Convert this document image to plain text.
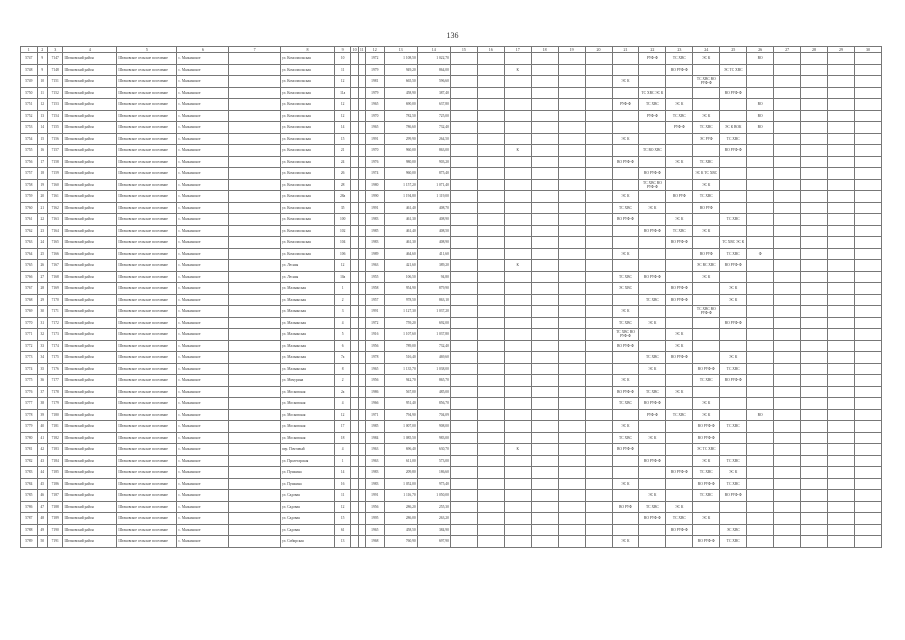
136
1	2	3	4	5	6	7	8	9	10	11	12	13	14	15	16	17	18	19	20	21	22	23	24	25	26	27	28	29	30
5747	9	7147	Шелковский район	Шелковское сельское поселение	с. Мальинское		ул. Комсомольская	10			1972	1 108,50	1 022,70								РУФ-Ф	ТС ХВС	ЭС К		ВО				
5748	9	7148	Шелковский район	Шелковское сельское поселение	с. Мальинское		ул. Комсомольская	11			1979	949,20	864,00			К						ВО РУФ-Ф		ЭС ТС ХВС					
5749	10	7151	Шелковский район	Шелковское сельское поселение	с. Мальинское		ул. Комсомольская	12			1981	665,50	596,60							ЭС К			ТС ХВС ВО РУФ-Ф						
5750	11	7152	Шелковский район	Шелковское сельское поселение	с. Мальинское		ул. Комсомольская	11а			1979	458,90	387,40								ТС ХВС ЭС К			ВО РУФ-Ф					
5751	12	7153	Шелковский район	Шелковское сельское поселение	с. Мальинское		ул. Комсомольская	12			1965	690,00	637,80							РУФ-Ф	ТС ХВС	ЭС К			ВО				
5752	13	7154	Шелковский район	Шелковское сельское поселение	с. Мальинское		ул. Комсомольская	12			1970	782,50	725,00								РУФ-Ф	ТС ХВС	ЭС К		ВО				
5753	14	7155	Шелковский район	Шелковское сельское поселение	с. Мальинское		ул. Комсомольская	14			1965	786,60	732,40									РУФ-Ф	ТС ХВС	ЭС К ВОК	ВО				
5754	15	7156	Шелковский район	Шелковское сельское поселение	с. Мальинское		ул. Комсомольская	15			1991	299,90	264,50							ЭС К			ЭС РУФ	ТС ХВС					
5755	16	7157	Шелковский район	Шелковское сельское поселение	с. Мальинское		ул. Комсомольская	21			1970	960,00	863,00			К					ТС ВО ХВС			ВО РУФ-Ф					
5756	17	7158	Шелковский район	Шелковское сельское поселение	с. Мальинское		ул. Комсомольская	24			1976	980,00	903,20							ВО РУФ-Ф		ЭС К	ТС ХВС						
5757	18	7159	Шелковский район	Шелковское сельское поселение	с. Мальинское		ул. Комсомольская	26			1974	960,00	875,40								ВО РУФ-Ф		ЭС К ТС ХВС						
5758	19	7160	Шелковский район	Шелковское сельское поселение	с. Мальинское		ул. Комсомольская	28			1980	1 157,20	1 071,40								ТС ХВС ВО РУФ-Ф		ЭС К						
5759	20	7161	Шелковский район	Шелковское сельское поселение	с. Мальинское		ул. Комсомольская	28а			1990	1 194,80	1 119,00							ЭС К		ВО РУФ	ТС ХВС						
5760	21	7162	Шелковский район	Шелковское сельское поселение	с. Мальинское		ул. Комсомольская	35			1991	461,40	408,70							ТС ХВС	ЭС К		ВО РУФ						
5761	22	7163	Шелковский район	Шелковское сельское поселение	с. Мальинское		ул. Комсомольская	100			1983	461,30	408,90							ВО РУФ-Ф		ЭС К		ТС ХВС					
5762	23	7164	Шелковский район	Шелковское сельское поселение	с. Мальинское		ул. Комсомольская	102			1985	461,40	408,50								ВО РУФ-Ф	ТС ХВС	ЭС К						
5763	24	7165	Шелковский район	Шелковское сельское поселение	с. Мальинское		ул. Комсомольская	104			1983	461,30	408,90									ВО РУФ-Ф		ТС ХВС ЭС К					
5764	25	7166	Шелковский район	Шелковское сельское поселение	с. Мальинское		ул. Комсомольская	106			1989	464,60	411,60							ЭС К			ВО РУФ	ТС ХВС	Ф				
5765	26	7167	Шелковский район	Шелковское сельское поселение	с. Мальинское		ул. Лесная	12			1963	421,60	389,20			К							ЭС ВС ХВС	ВО РУФ-Ф					
5766	27	7168	Шелковский район	Шелковское сельское поселение	с. Мальинское		ул. Лесная	10а			1955	106,50	94,80							ТС ХВС	ВО РУФ-Ф		ЭС К						
5767	28	7169	Шелковский район	Шелковское сельское поселение	с. Мальинское		ул. Мальинская	1			1958	954,90	879,90							ЭС ХВС		ВО РУФ-Ф		ЭС К					
5768	29	7170	Шелковский район	Шелковское сельское поселение	с. Мальинское		ул. Мальинская	2			1957	978,50	863,10								ТС ХВС	ВО РУФ-Ф		ЭС К					
5769	30	7171	Шелковский район	Шелковское сельское поселение	с. Мальинское		ул. Мальинская	3			1991	1 127,30	1 037,20							ЭС К			ТС ХВС ВО РУФ-Ф						
5770	31	7172	Шелковский район	Шелковское сельское поселение	с. Мальинское		ул. Мальинская	4			1972	759,20	692,00							ТС ХВС	ЭС К			ВО РУФ-Ф					
5771	32	7173	Шелковский район	Шелковское сельское поселение	с. Мальинское		ул. Мальинская	5			1916	1 107,60	1 037,80							ТС ХВС ВО РУФ-Ф		ЭС К							
5772	33	7174	Шелковский район	Шелковское сельское поселение	с. Мальинское		ул. Мальинская	6			1956	789,00	732,40							ВО РУФ-Ф		ЭС К							
5773	34	7175	Шелковский район	Шелковское сельское поселение	с. Мальинское		ул. Мальинская	7а			1978	516,40	469,60								ТС ХВС	ВО РУФ-Ф		ЭС К					
5774	35	7176	Шелковский район	Шелковское сельское поселение	с. Мальинское		ул. Мальинская	8			1965	1 135,70	1 038,00								ЭС К		ВО РУФ-Ф	ТС ХВС					
5775	36	7177	Шелковский район	Шелковское сельское поселение	с. Мальинское		ул. Мичурина	2			1956	942,70	865,70							ЭС К			ТС ХВС	ВО РУФ-Ф					
5776	37	7178	Шелковский район	Шелковское сельское поселение	с. Мальинское		ул. Московская	2а			1986	567,00	485,00							ВО РУФ-Ф	ТС ХВС	ЭС К							
5777	38	7179	Шелковский район	Шелковское сельское поселение	с. Мальинское		ул. Московская	4			1966	951,40	856,70							ТС ХВС	ВО РУФ-Ф		ЭС К						
5778	39	7180	Шелковский район	Шелковское сельское поселение	с. Мальинское		ул. Московская	12			1971	794,90	704,09								РУФ-Ф	ТС ХВС	ЭС К		ВО				
5779	40	7181	Шелковский район	Шелковское сельское поселение	с. Мальинское		ул. Московская	17			1985	1 007,00	908,00							ЭС К			ВО РУФ-Ф	ТС ХВС					
5780	41	7182	Шелковский район	Шелковское сельское поселение	с. Мальинское		ул. Московская	18			1984	1 085,50	983,00							ТС ХВС	ЭС К		ВО РУФ-Ф						
5781	42	7183	Шелковский район	Шелковское сельское поселение	с. Мальинское		пер. Почтовый	4			1963	696,40	630,70			К				ВО РУФ-Ф			ЭС ТС ХВС						
5782	43	7184	Шелковский район	Шелковское сельское поселение	с. Мальинское		ул. Пролетарская	1			1963	611,00	573,00								ВО РУФ-Ф		ЭС К	ТС ХВС					
5783	44	7185	Шелковский район	Шелковское сельское поселение	с. Мальинское		ул. Пушкина	14			1983	209,80	186,60									ВО РУФ-Ф	ТС ХВС	ЭС К					
5784	45	7186	Шелковский район	Шелковское сельское поселение	с. Мальинское		ул. Пушкина	16			1983	1 052,00	975,40							ЭС К			ВО РУФ-Ф	ТС ХВС					
5785	46	7187	Шелковский район	Шелковское сельское поселение	с. Мальинское		ул. Садовая	11			1991	1 116,70	1 050,00								ЭС К		ТС ХВС	ВО РУФ-Ф					
5786	47	7188	Шелковский район	Шелковское сельское поселение	с. Мальинское		ул. Садовая	12			1956	286,20	255,30							ВО РУФ	ТС ХВС	ЭС К							
5787	48	7189	Шелковский район	Шелковское сельское поселение	с. Мальинское		ул. Садовая	15			1995	286,00	263,20								ВО РУФ-Ф	ТС ХВС	ЭС К						
5788	49	7190	Шелковский район	Шелковское сельское поселение	с. Мальинское		ул. Садовая	61			1965	458,50	384,90									ВО РУФ-Ф		ЭС ХВС					
5789	50	7191	Шелковский район	Шелковское сельское поселение	с. Мальинское		ул. Сибирская	13			1968	760,90	697,90							ЭС К			ВО РУФ-Ф	ТС ХВС					
